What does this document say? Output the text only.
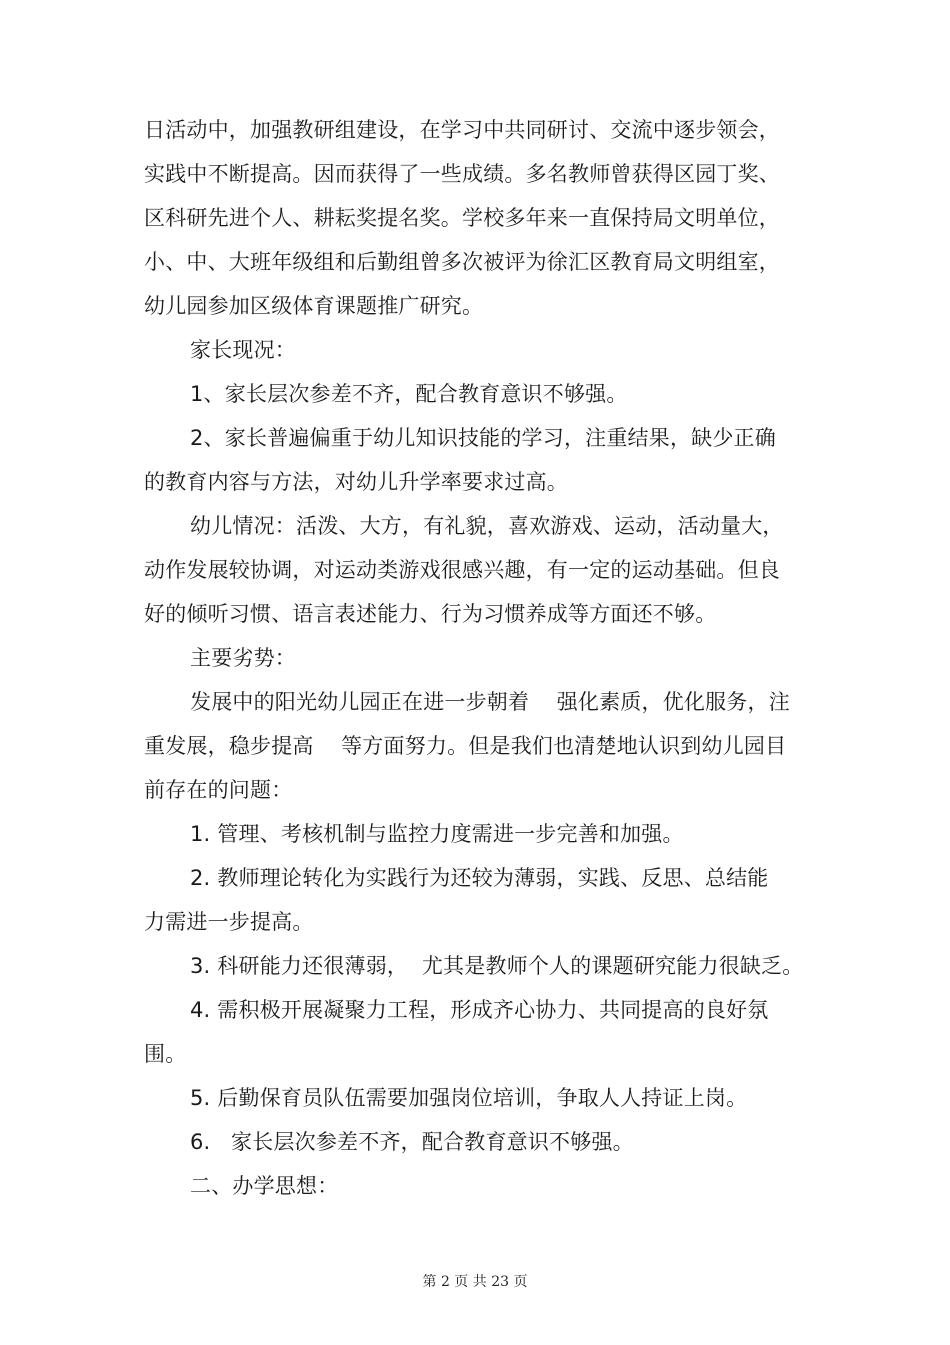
日活动中，加强教研组建设，在学习中共同研讨、交流中逐步领会，
实践中不断提高。因而获得了一些成绩。多名教师曾获得区园丁奖、
区科研先进个人、耕耘奖提名奖。学校多年来一直保持局文明单位，
小、中、大班年级组和后勤组曾多次被评为徐汇区教育局文明组室，
幼儿园参加区级体育课题推广研究。
家长现况：
1、家长层次参差不齐，配合教育意识不够强。
2、家长普遍偏重于幼儿知识技能的学习，注重结果，缺少正确
的教育内容与方法，对幼儿升学率要求过高。
幼儿情况：活泼、大方，有礼貌，喜欢游戏、运动，活动量大，
动作发展较协调，对运动类游戏很感兴趣，有一定的运动基础。但良
好的倾听习惯、语言表述能力、行为习惯养成等方面还不够。
主要劣势：
发展中的阳光幼儿园正在进一步朝着    强化素质，优化服务，注
重发展，稳步提高    等方面努力。但是我们也清楚地认识到幼儿园目
前存在的问题：
1. 管理、考核机制与监控力度需进一步完善和加强。
2. 教师理论转化为实践行为还较为薄弱，实践、反思、总结能
力需进一步提高。
3. 科研能力还很薄弱，  尤其是教师个人的课题研究能力很缺乏。
4. 需积极开展凝聚力工程，形成齐心协力、共同提高的良好氛
围。
5. 后勤保育员队伍需要加强岗位培训，争取人人持证上岗。
6.   家长层次参差不齐，配合教育意识不够强。
二、办学思想：
第 2 页 共 23 页
